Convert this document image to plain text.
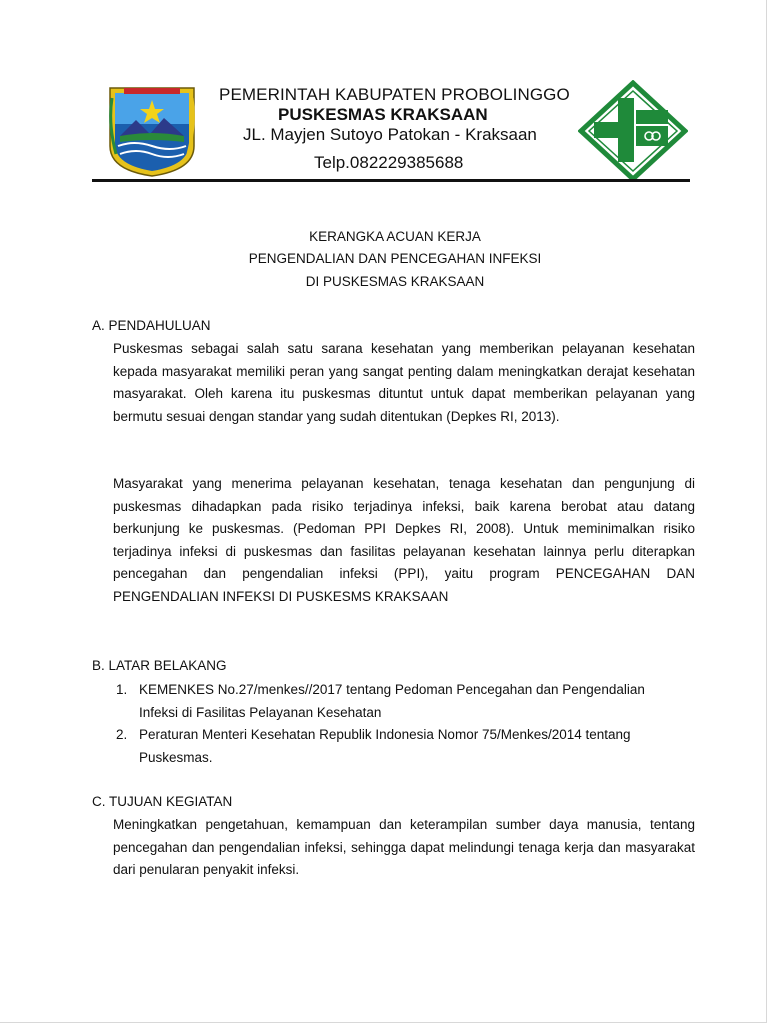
PEMERINTAH KABUPATEN PROBOLINGGO
PUSKESMAS KRAKSAAN
JL. Mayjen Sutoyo Patokan - Kraksaan
Telp.082229385688
KERANGKA ACUAN KERJA
PENGENDALIAN DAN PENCEGAHAN INFEKSI
DI PUSKESMAS KRAKSAAN
A. PENDAHULUAN
Puskesmas sebagai salah satu sarana kesehatan yang memberikan pelayanan kesehatan kepada masyarakat memiliki peran yang sangat penting dalam meningkatkan derajat kesehatan masyarakat. Oleh karena itu puskesmas dituntut untuk dapat memberikan pelayanan yang bermutu sesuai dengan standar yang sudah ditentukan (Depkes RI, 2013).
Masyarakat yang menerima pelayanan kesehatan, tenaga kesehatan dan pengunjung di puskesmas dihadapkan pada risiko terjadinya infeksi, baik karena berobat atau datang berkunjung ke puskesmas. (Pedoman PPI Depkes RI, 2008). Untuk meminimalkan risiko terjadinya infeksi di puskesmas dan fasilitas pelayanan kesehatan lainnya perlu diterapkan pencegahan dan pengendalian infeksi (PPI), yaitu program PENCEGAHAN DAN PENGENDALIAN INFEKSI DI PUSKESMS KRAKSAAN
B. LATAR BELAKANG
1. KEMENKES No.27/menkes//2017 tentang Pedoman Pencegahan dan Pengendalian Infeksi di Fasilitas Pelayanan Kesehatan
2. Peraturan Menteri Kesehatan Republik Indonesia Nomor 75/Menkes/2014 tentang Puskesmas.
C. TUJUAN KEGIATAN
Meningkatkan pengetahuan, kemampuan dan keterampilan sumber daya manusia, tentang pencegahan dan pengendalian infeksi, sehingga dapat melindungi tenaga kerja dan masyarakat dari penularan penyakit infeksi.
